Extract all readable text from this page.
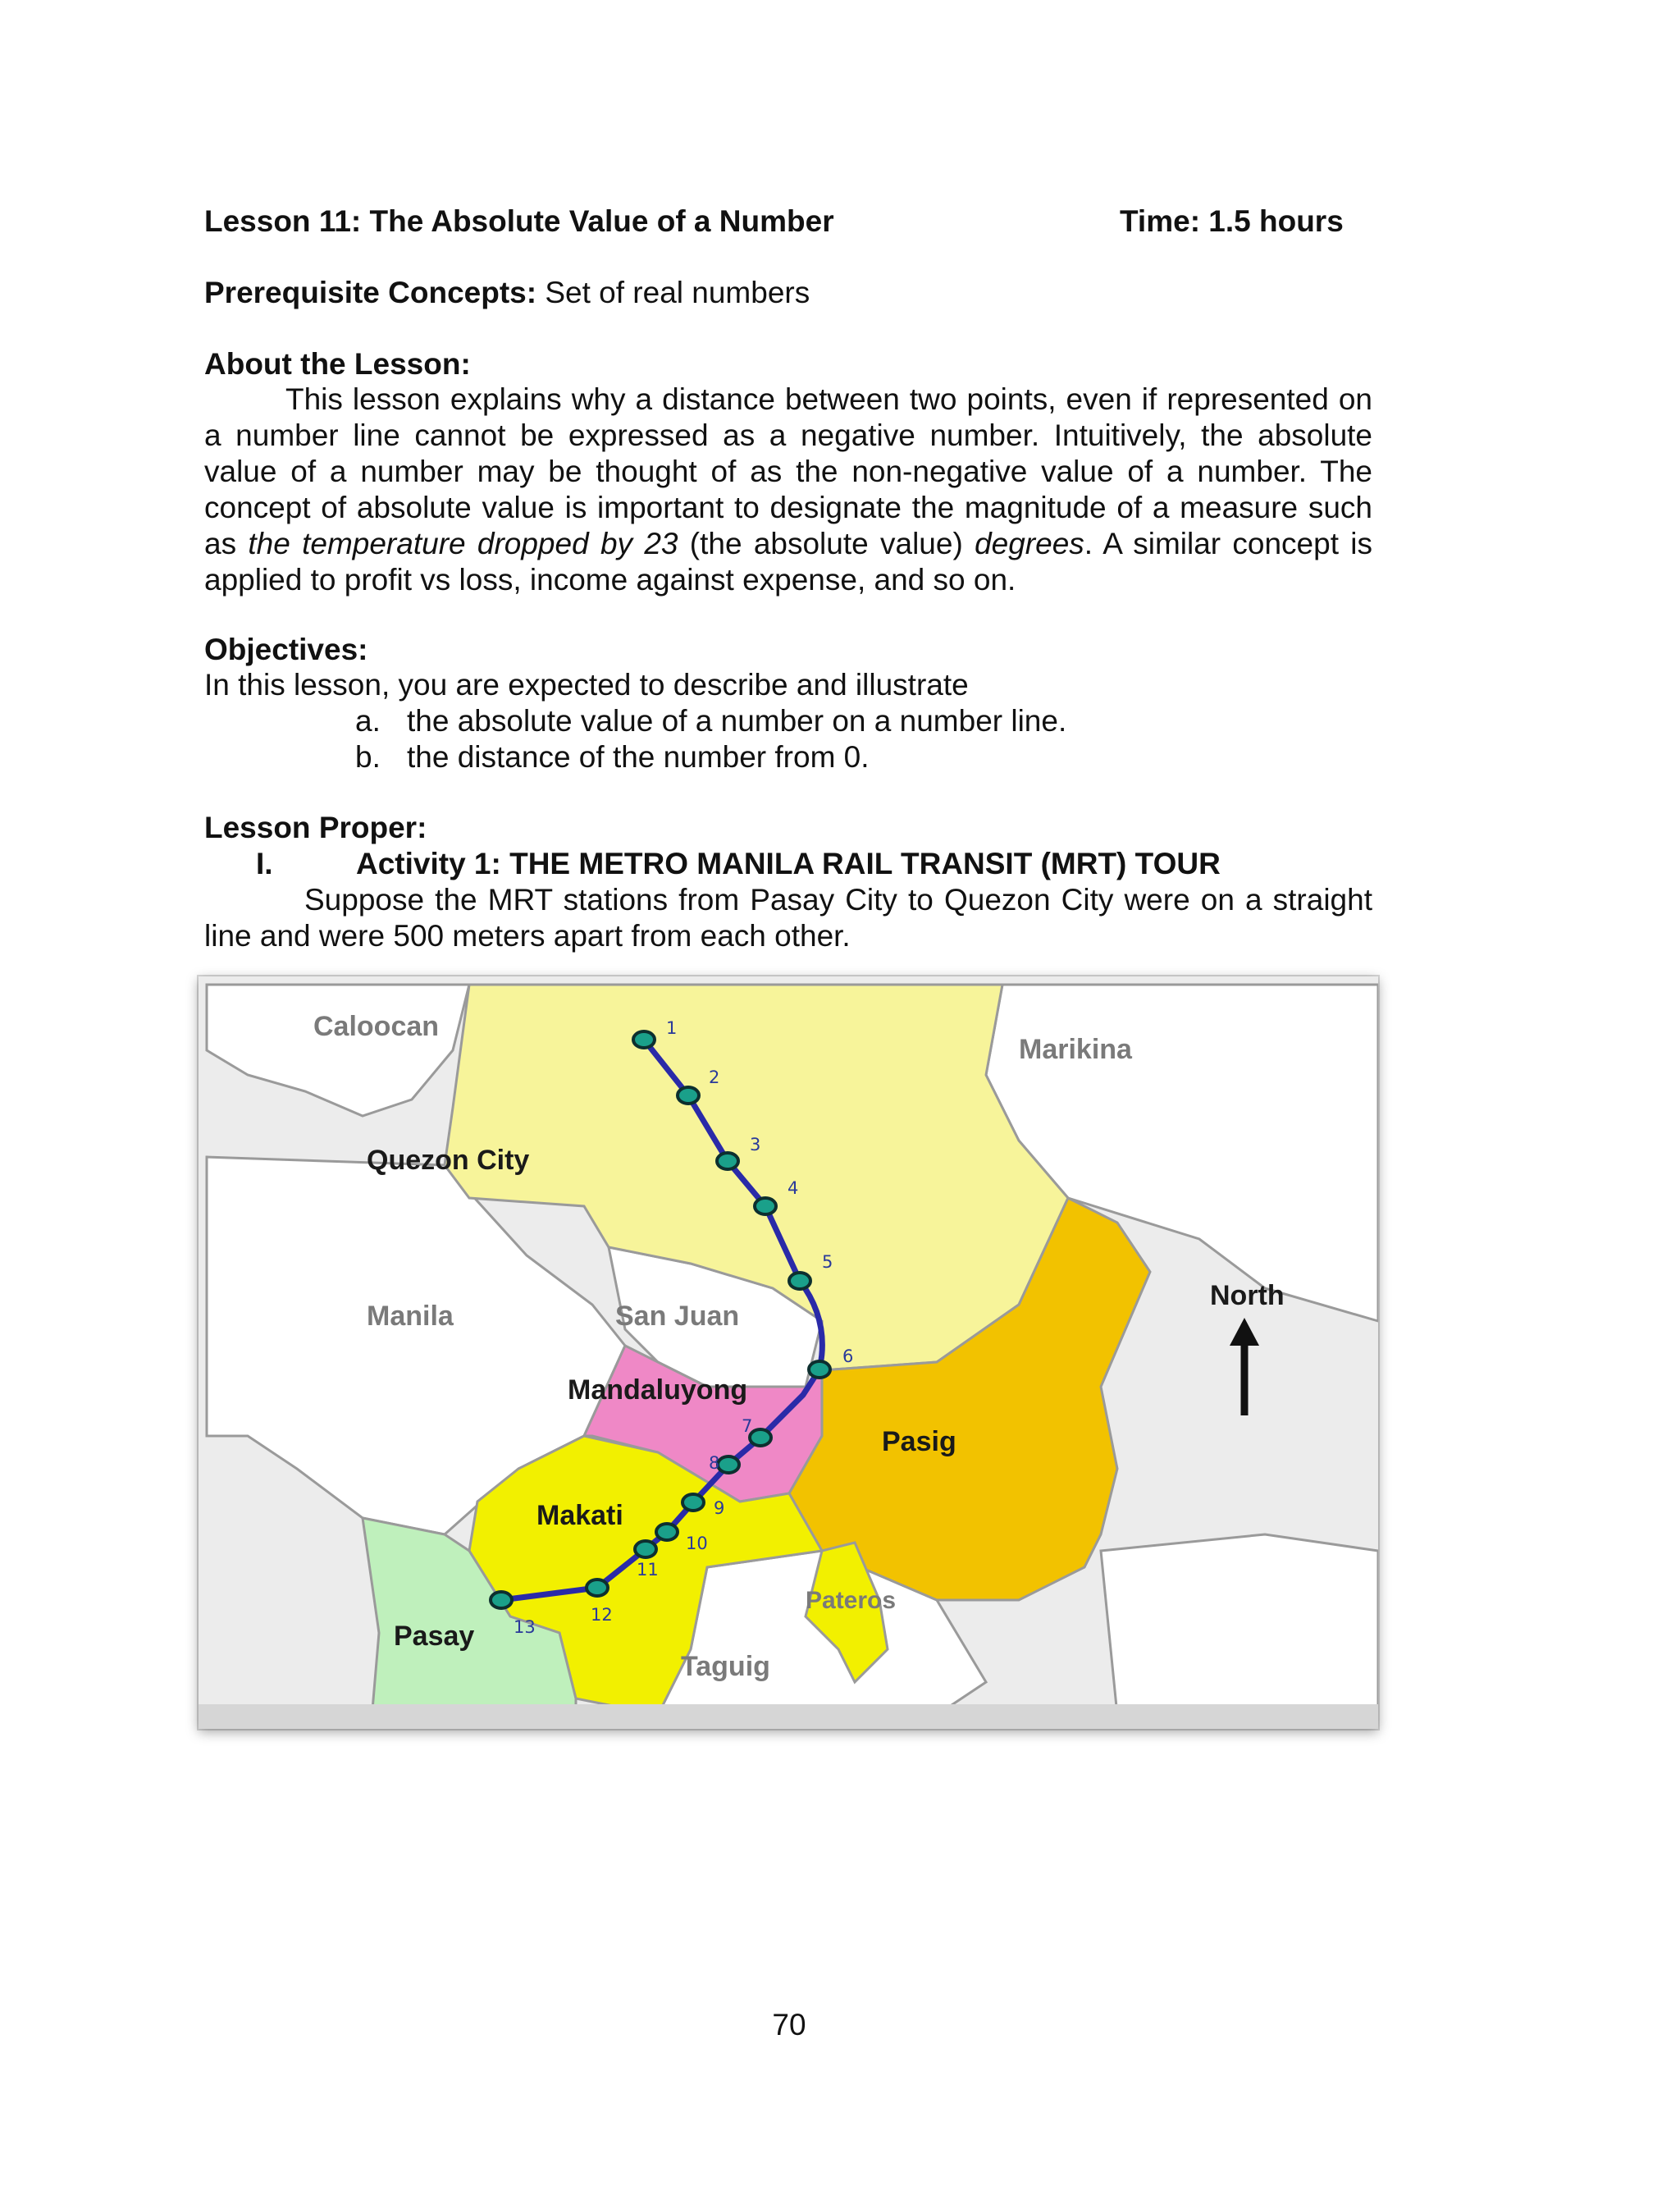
Lesson 11: The Absolute Value of a Number	Time: 1.5 hours
Prerequisite Concepts: Set of real numbers
About the Lesson:
This lesson explains why a distance between two points, even if represented on a number line cannot be expressed as a negative number. Intuitively, the absolute value of a number may be thought of as the non-negative value of a number. The concept of absolute value is important to designate the magnitude of a measure such as the temperature dropped by 23 (the absolute value) degrees. A similar concept is applied to profit vs loss, income against expense, and so on.
Objectives:
In this lesson, you are expected to describe and illustrate
a. the absolute value of a number on a number line.
b. the distance of the number from 0.
Lesson Proper:
I.	Activity 1: THE METRO MANILA RAIL TRANSIT (MRT) TOUR
Suppose the MRT stations from Pasay City to Quezon City were on a straight line and were 500 meters apart from each other.
Caloocan
Marikina
Quezon City
Manila	San Juan
Mandaluyong
Pasig
Makati
Pasay
Pateros
Taguig
North
1
2
3
4
5
6
7
8
9
10
11
12
13
70
